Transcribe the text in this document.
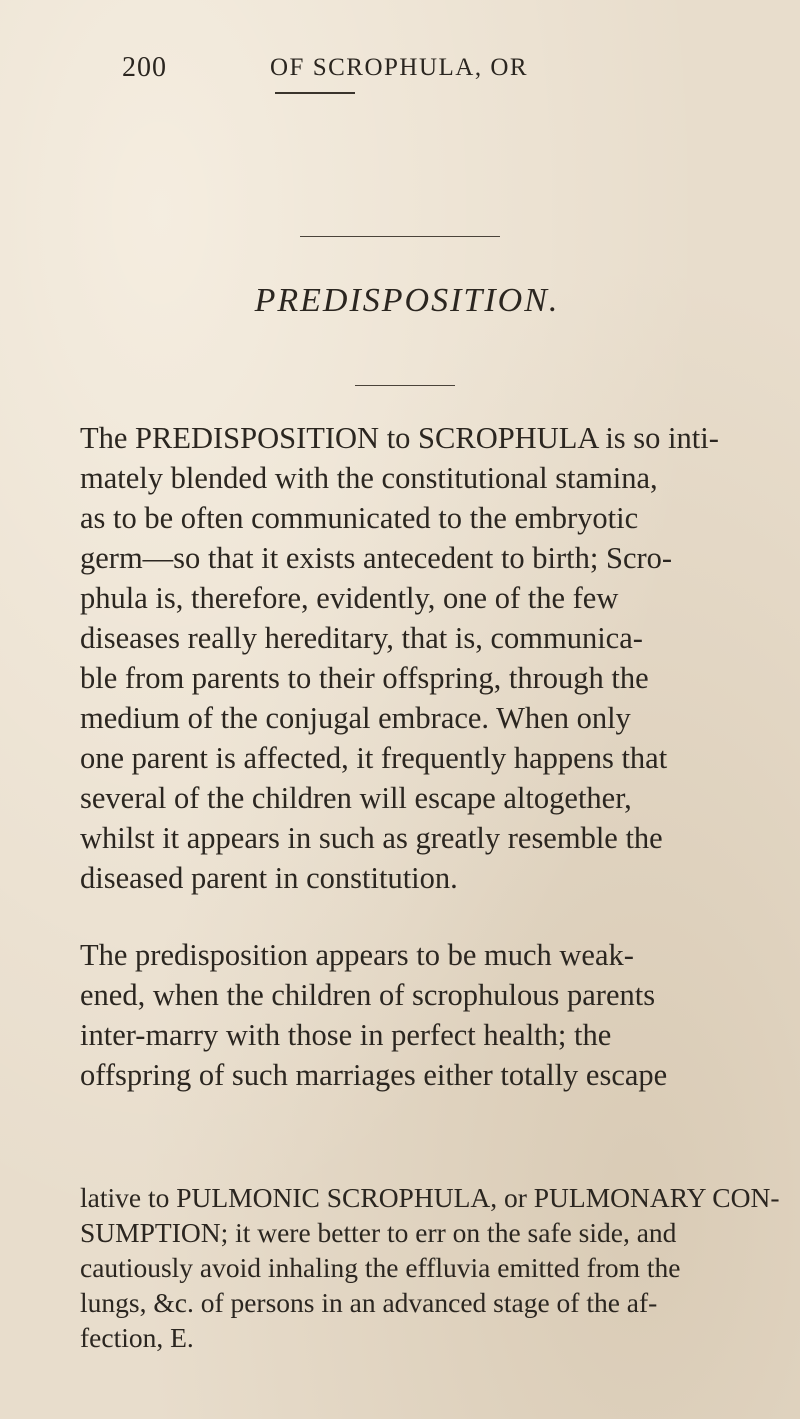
200	OF SCROPHULA, OR
PREDISPOSITION.
The PREDISPOSITION to SCROPHULA is so inti-
mately blended with the constitutional stamina,
as to be often communicated to the embryotic
germ—so that it exists antecedent to birth; Scro-
phula is, therefore, evidently, one of the few
diseases really hereditary, that is, communica-
ble from parents to their offspring, through the
medium of the conjugal embrace. When only
one parent is affected, it frequently happens that
several of the children will escape altogether,
whilst it appears in such as greatly resemble the
diseased parent in constitution.
The predisposition appears to be much weak-
ened, when the children of scrophulous parents
inter-marry with those in perfect health; the
offspring of such marriages either totally escape
lative to PULMONIC SCROPHULA, or PULMONARY CON-
SUMPTION; it were better to err on the safe side, and
cautiously avoid inhaling the effluvia emitted from the
lungs, &c. of persons in an advanced stage of the af-
fection, E.
